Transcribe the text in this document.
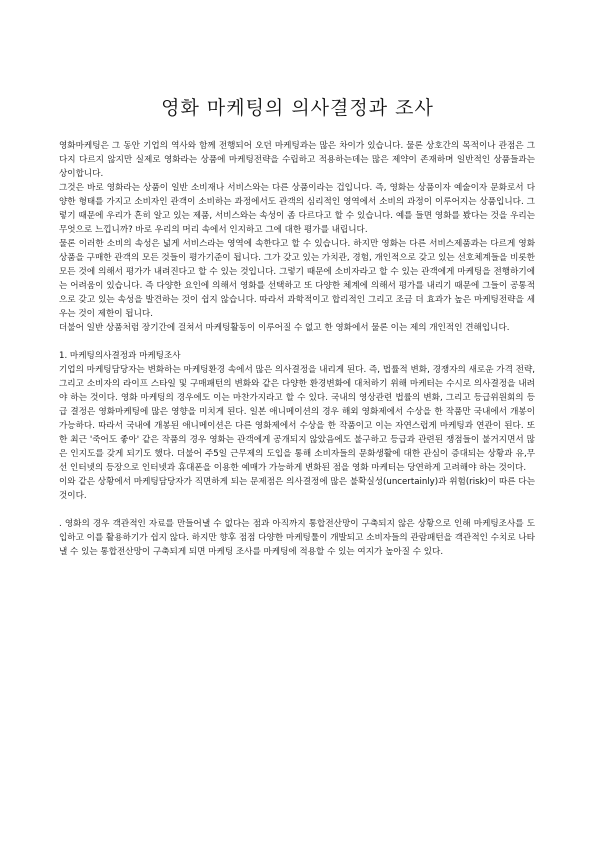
영화 마케팅의 의사결정과 조사

영화마케팅은 그 동안 기업의 역사와 함께 전행되어 오던 마케팅과는 많은 차이가 있습니다. 물론 상호간의 목적이나 관점은 그다지 다르지 않지만 실제로 영화라는 상품에 마케팅전략을 수립하고 적용하는데는 많은 제약이 존재하며 일반적인 상품들과는 상이합니다.

그것은 바로 영화라는 상품이 일반 소비재나 서비스와는 다른 상품이라는 겁입니다. 즉, 영화는 상품이자 예술이자 문화로서 다양한 형태를 가지고 소비자인 관객이 소비하는 과정에서도 관객의 심리적인 영역에서 소비의 과정이 이루어지는 상품입니다. 그렇기 때문에 우리가 흔히 알고 있는 제품, 서비스와는 속성이 좀 다르다고 할 수 있습니다. 예를 들면 영화를 봤다는 것을 우리는 무엇으로 느낍니까? 바로 우리의 머리 속에서 인지하고 그에 대한 평가를 내립니다.

물론 이러한 소비의 속성은 넓게 서비스라는 영역에 속한다고 할 수 있습니다. 하지만 영화는 다른 서비스제품과는 다르게 영화상품을 구매한 관객의 모든 것들이 평가기준이 됩니다. 그가 갖고 있는 가치관, 경험, 개인적으로 갖고 있는 선호체계들을 비롯한 모든 것에 의해서 평가가 내려진다고 할 수 있는 것입니다. 그렇기 때문에 소비자라고 할 수 있는 관객에게 마케팅을 전행하기에는 어려움이 있습니다. 즉 다양한 요인에 의해서 영화를 선택하고 또 다양한 체계에 의해서 평가를 내리기 때문에 그들이 공통적으로 갖고 있는 속성을 발견하는 것이 쉽지 않습니다. 따라서 과학적이고 합리적인 그리고 조금 더 효과가 높은 마케팅전략을 세우는 것이 제한이 됩니다.

더불어 일반 상품처럼 장기간에 걸쳐서 마케팅활동이 이루어질 수 없고 한 영화에서 물론 이는 제의 개인적인 견해입니다.

1. 마케팅의사결정과 마케팅조사

기업의 마케팅담당자는 변화하는 마케팅환경 속에서 많은 의사결정을 내리게 된다. 즉, 법률적 변화, 경쟁자의 새로운 가격 전략, 그리고 소비자의 라이프 스타일 및 구매패턴의 변화와 같은 다양한 환경변화에 대처하기 위해 마케터는 수시로 의사결정을 내려야 하는 것이다. 영화 마케팅의 경우에도 이는 마찬가지라고 할 수 있다. 국내의 영상관련 법률의 변화, 그리고 등급위원회의 등급 결정은 영화마케팅에 많은 영향을 미치게 된다. 일본 애니메이션의 경우 해외 영화제에서 수상을 한 작품만 국내에서 개봉이 가능하다. 따라서 국내에 개봉된 애니메이션은 다른 영화제에서 수상을 한 작품이고 이는 자연스럽게 마케팅과 연관이 된다. 또한 최근 '죽어도 좋아' 같은 작품의 경우 영화는 관객에게 공개되지 않았음에도 불구하고 등급과 관련된 쟁점들이 불거지면서 많은 인지도를 갖게 되기도 했다. 더불어 주5일 근무제의 도입을 통해 소비자들의 문화생활에 대한 관심이 증대되는 상황과 유,무선 인터넷의 등장으로 인터넷과 휴대폰을 이용한 예매가 가능하게 변화된 점을 영화 마케터는 당연하게 고려해야 하는 것이다.

이와 같은 상황에서 마케팅담당자가 직면하게 되는 문제점은 의사결정에 많은 불확실성(uncertainly)과 위험(risk)이 따른 다는 것이다.

. 영화의 경우 객관적인 자료를 만들어낼 수 없다는 점과 아직까지 통합전산망이 구축되지 않은 상황으로 인해 마케팅조사를 도입하고 이를 활용하기가 쉽지 않다. 하지만 향후 점점 다양한 마케팅툴이 개발되고 소비자들의 관람패턴을 객관적인 수치로 나타낼 수 있는 통합전산망이 구축되게 되면 마케팅 조사를 마케팅에 적용할 수 있는 여지가 높아질 수 있다.
